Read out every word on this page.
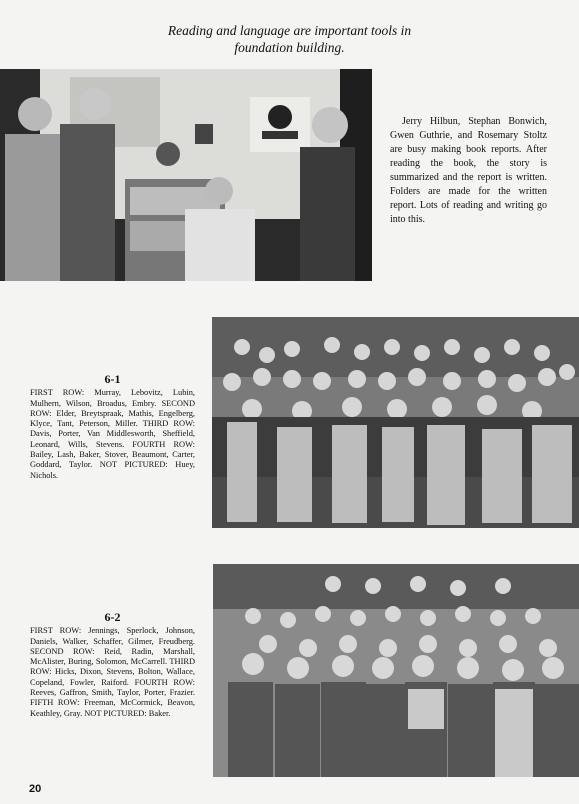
Reading and language are important tools in
foundation building.

Jerry Hilbun, Stephan Bonwich, Gwen Guthrie, and Rosemary Stoltz are busy making book reports. After reading the book, the story is summarized and the report is written. Folders are made for the written report. Lots of reading and writing go into this.

6-1
FIRST ROW: Murray, Lebovitz, Lubin, Mulhern, Wilson, Broadus, Embry. SECOND ROW: Elder, Breytspraak, Mathis, Engelberg, Klyce, Tant, Peterson, Miller. THIRD ROW: Davis, Porter, Van Middlesworth, Sheffield, Leonard, Wills, Stevens. FOURTH ROW: Bailey, Lash, Baker, Stover, Beaumont, Carter, Goddard, Taylor. NOT PICTURED: Huey, Nichols.
6-2
FIRST ROW: Jennings, Sperlock, Johnson, Daniels, Walker, Schaffer, Gilmer, Freudberg. SECOND ROW: Reid, Radin, Marshall, McAlister, Buring, Solomon, McCarrell. THIRD ROW: Hicks, Dixon, Stevens, Bolton, Wallace, Copeland, Fowler, Raiford. FOURTH ROW: Reeves, Gaffron, Smith, Taylor, Porter, Frazier. FIFTH ROW: Freeman, McCormick, Beavon, Keathley, Gray. NOT PICTURED: Baker.
20
